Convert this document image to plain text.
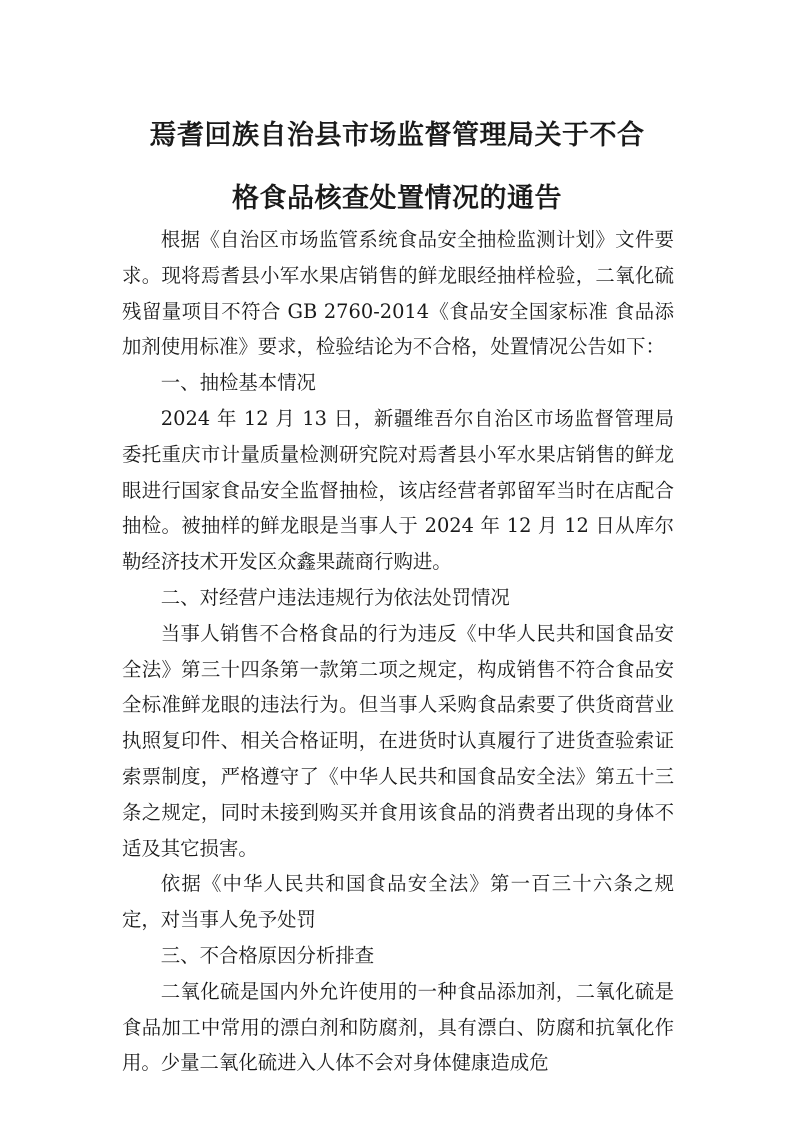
焉耆回族自治县市场监督管理局关于不合
格食品核查处置情况的通告

根据《自治区市场监管系统食品安全抽检监测计划》文件要求。现将焉耆县小军水果店销售的鲜龙眼经抽样检验，二氧化硫残留量项目不符合 GB 2760-2014《食品安全国家标准 食品添加剂使用标准》要求，检验结论为不合格，处置情况公告如下：

一、抽检基本情况

2024 年 12 月 13 日，新疆维吾尔自治区市场监督管理局委托重庆市计量质量检测研究院对焉耆县小军水果店销售的鲜龙眼进行国家食品安全监督抽检，该店经营者郭留军当时在店配合抽检。被抽样的鲜龙眼是当事人于 2024 年 12 月 12 日从库尔勒经济技术开发区众鑫果蔬商行购进。

二、对经营户违法违规行为依法处罚情况

当事人销售不合格食品的行为违反《中华人民共和国食品安全法》第三十四条第一款第二项之规定，构成销售不符合食品安全标准鲜龙眼的违法行为。但当事人采购食品索要了供货商营业执照复印件、相关合格证明，在进货时认真履行了进货查验索证索票制度，严格遵守了《中华人民共和国食品安全法》第五十三条之规定，同时未接到购买并食用该食品的消费者出现的身体不适及其它损害。

依据《中华人民共和国食品安全法》第一百三十六条之规定，对当事人免予处罚

三、不合格原因分析排查

二氧化硫是国内外允许使用的一种食品添加剂，二氧化硫是食品加工中常用的漂白剂和防腐剂，具有漂白、防腐和抗氧化作用。少量二氧化硫进入人体不会对身体健康造成危
